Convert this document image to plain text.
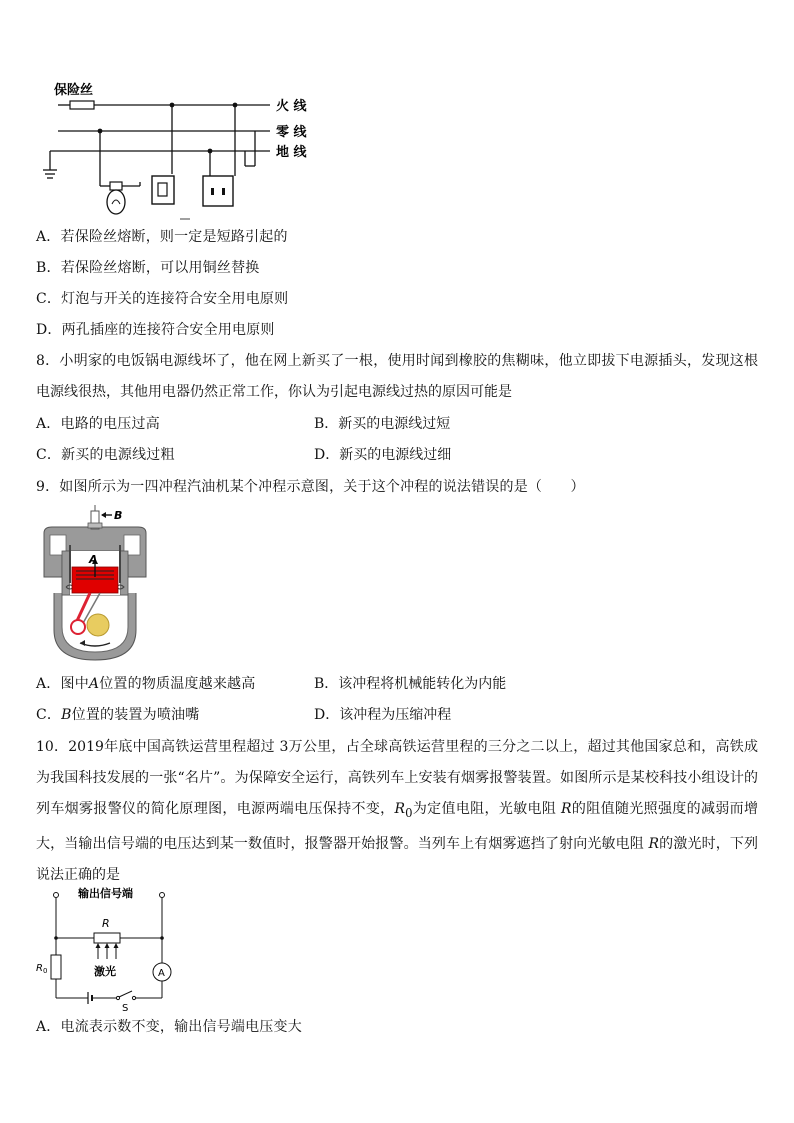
保险丝
火 线
零 线
地 线
A．若保险丝熔断，则一定是短路引起的
B．若保险丝熔断，可以用铜丝替换
C．灯泡与开关的连接符合安全用电原则
D．两孔插座的连接符合安全用电原则
8．小明家的电饭锅电源线坏了，他在网上新买了一根，使用时闻到橡胶的焦糊味，他立即拔下电源插头，发现这根电源线很热，其他用电器仍然正常工作，你认为引起电源线过热的原因可能是
A．电路的电压过高	B．新买的电源线过短
C．新买的电源线过粗	D．新买的电源线过细
9．如图所示为一四冲程汽油机某个冲程示意图，关于这个冲程的说法错误的是（　　）
B
A
A．图中A位置的物质温度越来越高	B．该冲程将机械能转化为内能
C．B位置的装置为喷油嘴	D．该冲程为压缩冲程
10．2019年底中国高铁运营里程超过 3万公里，占全球高铁运营里程的三分之二以上，超过其他国家总和，高铁成为我国科技发展的一张“名片”。为保障安全运行，高铁列车上安装有烟雾报警装置。如图所示是某校科技小组设计的列车烟雾报警仪的简化原理图，电源两端电压保持不变，$R_0$为定值电阻，光敏电阻 R的阻值随光照强度的减弱而增大，当输出信号端的电压达到某一数值时，报警器开始报警。当列车上有烟雾遮挡了射向光敏电阻 R的激光时，下列说法正确的是
输出信号端
R
激光
$R_0$
S
A
A．电流表示数不变，输出信号端电压变大
